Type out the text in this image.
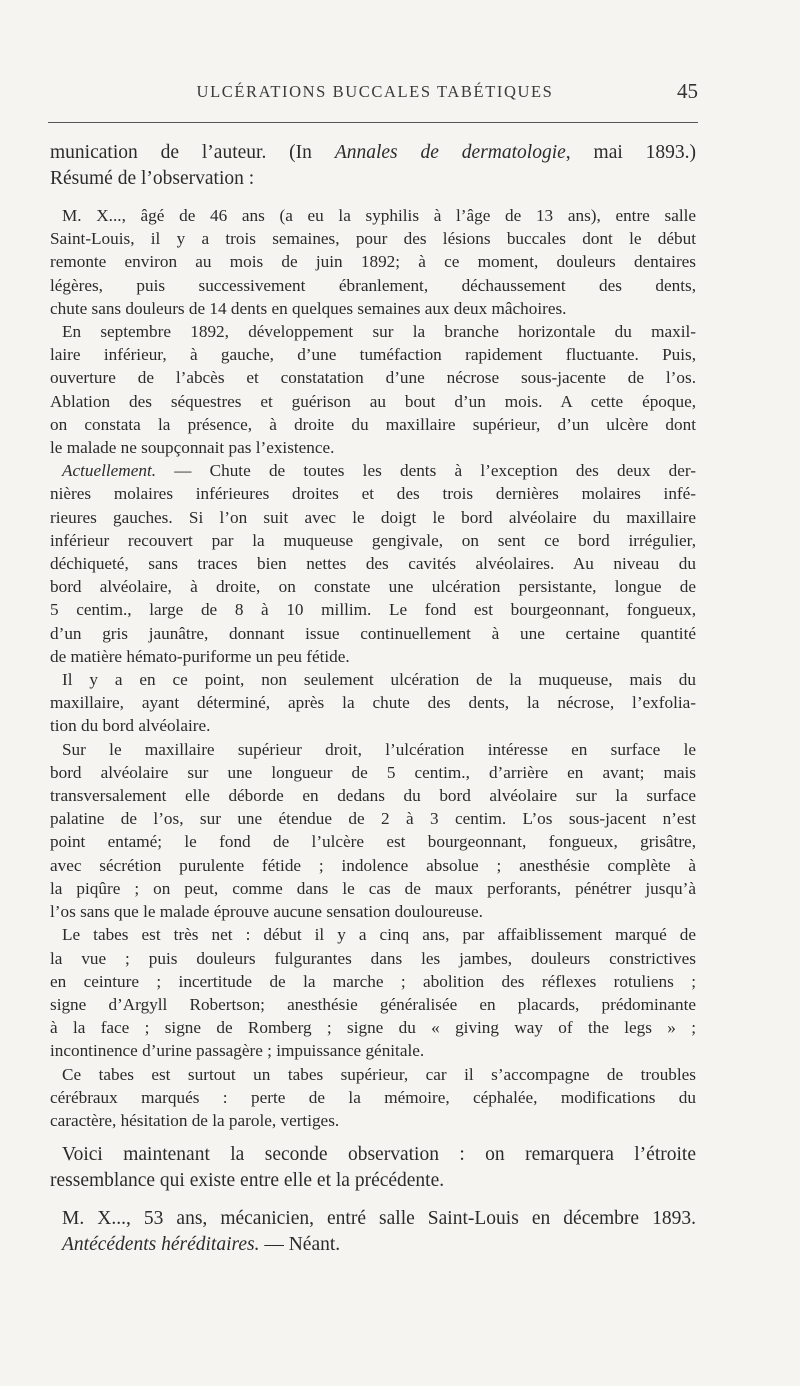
ULCÉRATIONS BUCCALES TABÉTIQUES	45

munication de l’auteur. (In Annales de dermatologie, mai 1893.)

Résumé de l’observation :

M. X..., âgé de 46 ans (a eu la syphilis à l’âge de 13 ans), entre salle

Saint-Louis, il y a trois semaines, pour des lésions buccales dont le début

remonte environ au mois de juin 1892; à ce moment, douleurs dentaires

légères, puis successivement ébranlement, déchaussement des dents,

chute sans douleurs de 14 dents en quelques semaines aux deux mâchoires.

En septembre 1892, développement sur la branche horizontale du maxil-

laire inférieur, à gauche, d’une tuméfaction rapidement fluctuante. Puis,

ouverture de l’abcès et constatation d’une nécrose sous-jacente de l’os.

Ablation des séquestres et guérison au bout d’un mois. A cette époque,

on constata la présence, à droite du maxillaire supérieur, d’un ulcère dont

le malade ne soupçonnait pas l’existence.

Actuellement. — Chute de toutes les dents à l’exception des deux der-

nières molaires inférieures droites et des trois dernières molaires infé-

rieures gauches. Si l’on suit avec le doigt le bord alvéolaire du maxillaire

inférieur recouvert par la muqueuse gengivale, on sent ce bord irrégulier,

déchiqueté, sans traces bien nettes des cavités alvéolaires. Au niveau du

bord alvéolaire, à droite, on constate une ulcération persistante, longue de

5 centim., large de 8 à 10 millim. Le fond est bourgeonnant, fongueux,

d’un gris jaunâtre, donnant issue continuellement à une certaine quantité

de matière hémato-puriforme un peu fétide.

Il y a en ce point, non seulement ulcération de la muqueuse, mais du

maxillaire, ayant déterminé, après la chute des dents, la nécrose, l’exfolia-

tion du bord alvéolaire.

Sur le maxillaire supérieur droit, l’ulcération intéresse en surface le

bord alvéolaire sur une longueur de 5 centim., d’arrière en avant; mais

transversalement elle déborde en dedans du bord alvéolaire sur la surface

palatine de l’os, sur une étendue de 2 à 3 centim. L’os sous-jacent n’est

point entamé; le fond de l’ulcère est bourgeonnant, fongueux, grisâtre,

avec sécrétion purulente fétide ; indolence absolue ; anesthésie complète à

la piqûre ; on peut, comme dans le cas de maux perforants, pénétrer jusqu’à

l’os sans que le malade éprouve aucune sensation douloureuse.

Le tabes est très net : début il y a cinq ans, par affaiblissement marqué de

la vue ; puis douleurs fulgurantes dans les jambes, douleurs constrictives

en ceinture ; incertitude de la marche ; abolition des réflexes rotuliens ;

signe d’Argyll Robertson; anesthésie généralisée en placards, prédominante

à la face ; signe de Romberg ; signe du « giving way of the legs » ;

incontinence d’urine passagère ; impuissance génitale.

Ce tabes est surtout un tabes supérieur, car il s’accompagne de troubles

cérébraux marqués : perte de la mémoire, céphalée, modifications du

caractère, hésitation de la parole, vertiges.

Voici maintenant la seconde observation : on remarquera l’étroite

ressemblance qui existe entre elle et la précédente.

M. X..., 53 ans, mécanicien, entré salle Saint-Louis en décembre 1893.

Antécédents héréditaires. — Néant.
